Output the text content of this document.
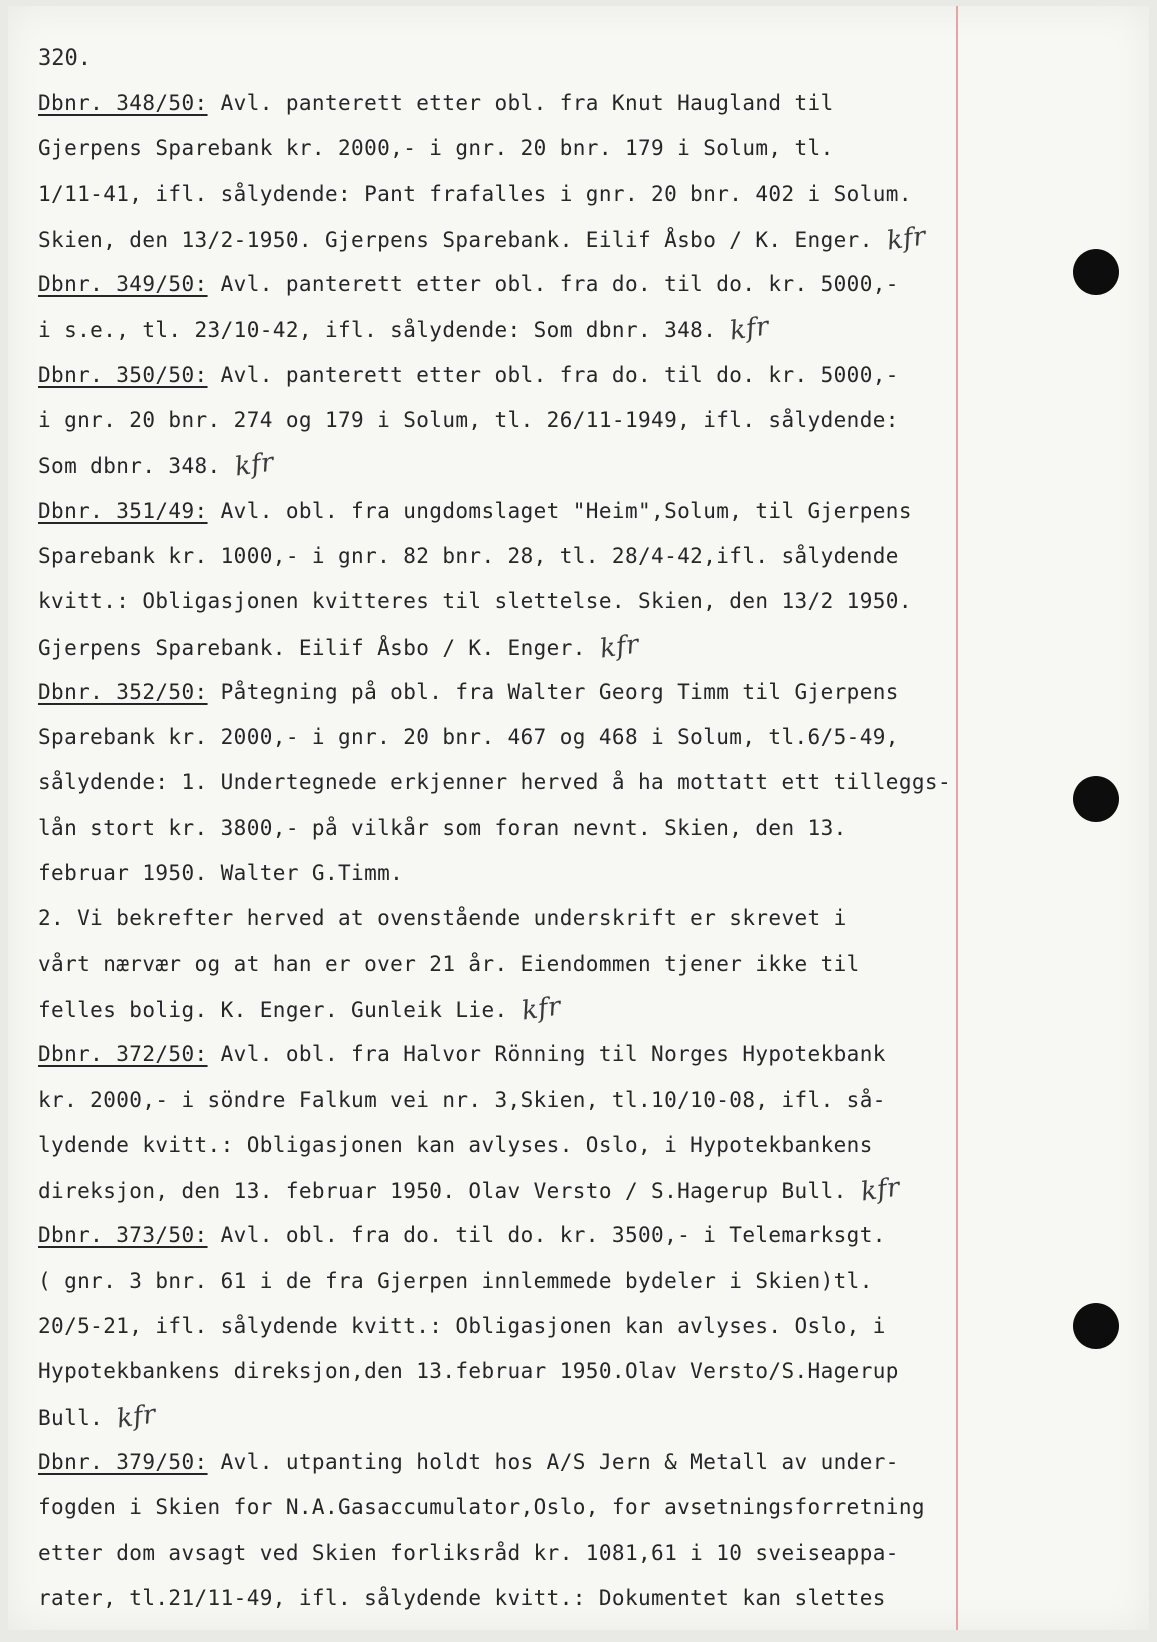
320.
Dbnr. 348/50: Avl. panterett etter obl. fra Knut Haugland til
Gjerpens Sparebank kr. 2000,- i gnr. 20 bnr. 179 i Solum, tl.
1/11-41, ifl. sålydende: Pant frafalles i gnr. 20 bnr. 402 i Solum.
Skien, den 13/2-1950. Gjerpens Sparebank. Eilif Åsbo / K. Enger. kfr
Dbnr. 349/50: Avl. panterett etter obl. fra do. til do. kr. 5000,-
i s.e., tl. 23/10-42, ifl. sålydende: Som dbnr. 348. kfr
Dbnr. 350/50: Avl. panterett etter obl. fra do. til do. kr. 5000,-
i gnr. 20 bnr. 274 og 179 i Solum, tl. 26/11-1949, ifl. sålydende:
Som dbnr. 348. kfr
Dbnr. 351/49: Avl. obl. fra ungdomslaget "Heim",Solum, til Gjerpens
Sparebank kr. 1000,- i gnr. 82 bnr. 28, tl. 28/4-42,ifl. sålydende
kvitt.: Obligasjonen kvitteres til slettelse. Skien, den 13/2 1950.
Gjerpens Sparebank. Eilif Åsbo / K. Enger. kfr
Dbnr. 352/50: Påtegning på obl. fra Walter Georg Timm til Gjerpens
Sparebank kr. 2000,- i gnr. 20 bnr. 467 og 468 i Solum, tl.6/5-49,
sålydende: 1. Undertegnede erkjenner herved å ha mottatt ett tilleggs-
lån stort kr. 3800,- på vilkår som foran nevnt. Skien, den 13.
februar 1950. Walter G.Timm.
2. Vi bekrefter herved at ovenstående underskrift er skrevet i
vårt nærvær og at han er over 21 år. Eiendommen tjener ikke til
felles bolig. K. Enger. Gunleik Lie. kfr
Dbnr. 372/50: Avl. obl. fra Halvor Rönning til Norges Hypotekbank
kr. 2000,- i söndre Falkum vei nr. 3,Skien, tl.10/10-08, ifl. så-
lydende kvitt.: Obligasjonen kan avlyses. Oslo, i Hypotekbankens
direksjon, den 13. februar 1950. Olav Versto / S.Hagerup Bull. kfr
Dbnr. 373/50: Avl. obl. fra do. til do. kr. 3500,- i Telemarksgt.
( gnr. 3 bnr. 61 i de fra Gjerpen innlemmede bydeler i Skien)tl.
20/5-21, ifl. sålydende kvitt.: Obligasjonen kan avlyses. Oslo, i
Hypotekbankens direksjon,den 13.februar 1950.Olav Versto/S.Hagerup
Bull. kfr
Dbnr. 379/50: Avl. utpanting holdt hos A/S Jern & Metall av under-
fogden i Skien for N.A.Gasaccumulator,Oslo, for avsetningsforretning
etter dom avsagt ved Skien forliksråd kr. 1081,61 i 10 sveiseappa-
rater, tl.21/11-49, ifl. sålydende kvitt.: Dokumentet kan slettes
